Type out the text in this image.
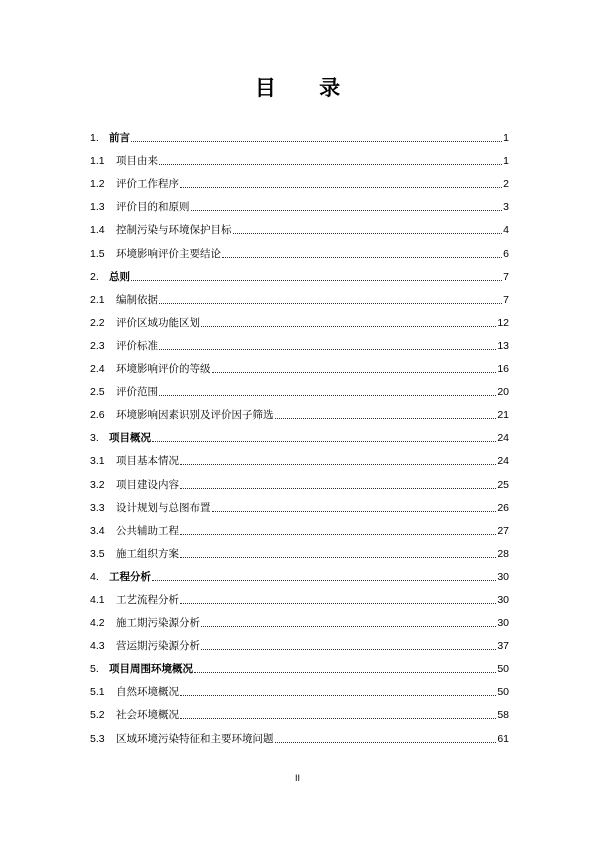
目 录
1. 前言	1
1.1	项目由来	1
1.2	评价工作程序	2
1.3	评价目的和原则	3
1.4	控制污染与环境保护目标	4
1.5	环境影响评价主要结论	6
2. 总则	7
2.1	编制依据	7
2.2	评价区域功能区划	12
2.3	评价标准	13
2.4	环境影响评价的等级	16
2.5	评价范围	20
2.6	环境影响因素识别及评价因子筛选	21
3. 项目概况	24
3.1	项目基本情况	24
3.2	项目建设内容	25
3.3	设计规划与总图布置	26
3.4	公共辅助工程	27
3.5	施工组织方案	28
4. 工程分析	30
4.1	工艺流程分析	30
4.2	施工期污染源分析	30
4.3	营运期污染源分析	37
5. 项目周围环境概况	50
5.1	自然环境概况	50
5.2	社会环境概况	58
5.3	区域环境污染特征和主要环境问题	61
II
